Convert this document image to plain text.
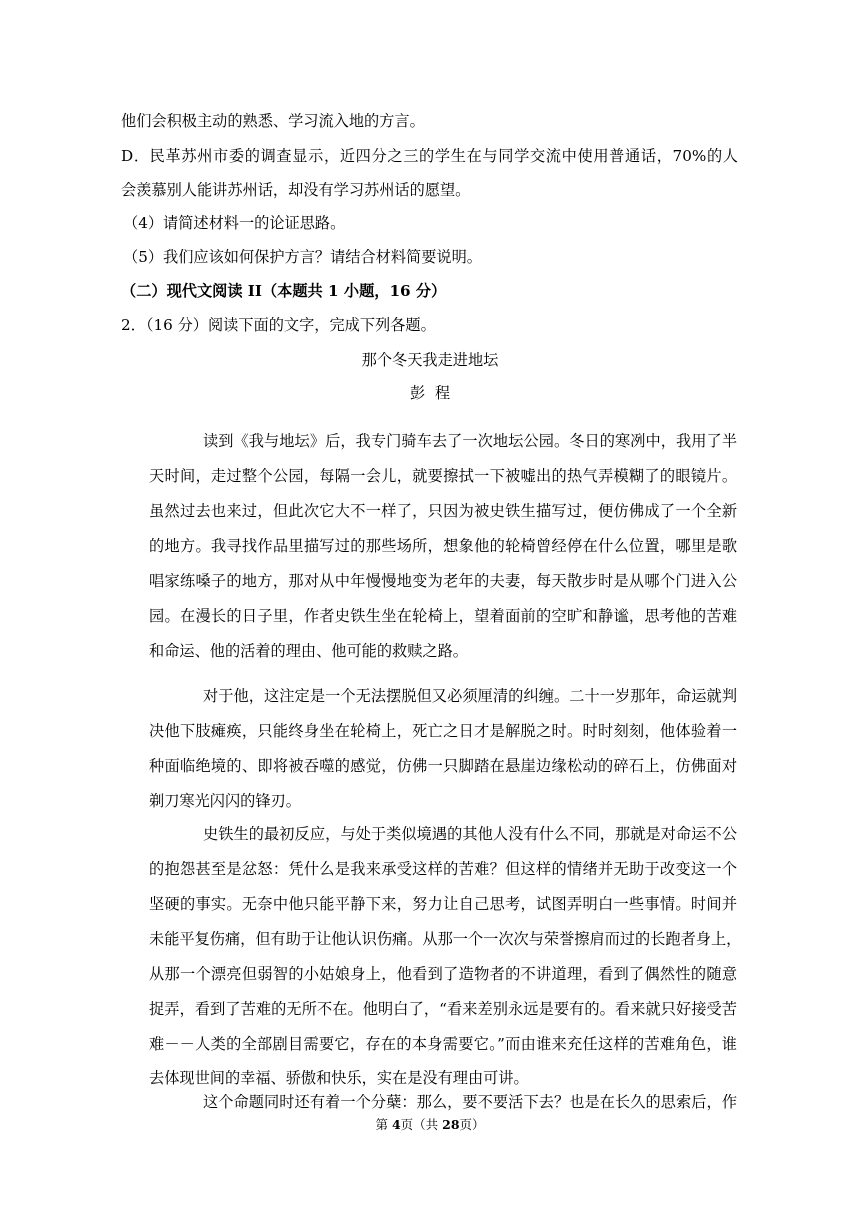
他们会积极主动的熟悉、学习流入地的方言。
D．民革苏州市委的调查显示，近四分之三的学生在与同学交流中使用普通话，70%的人
会羡慕别人能讲苏州话，却没有学习苏州话的愿望。
（4）请简述材料一的论证思路。
（5）我们应该如何保护方言？请结合材料简要说明。
（二）现代文阅读 II（本题共 1 小题，16 分）
2．（16 分）阅读下面的文字，完成下列各题。
那个冬天我走进地坛
彭  程
读到《我与地坛》后，我专门骑车去了一次地坛公园。冬日的寒冽中，我用了半
天时间，走过整个公园，每隔一会儿，就要擦拭一下被嘘出的热气弄模糊了的眼镜片。
虽然过去也来过，但此次它大不一样了，只因为被史铁生描写过，便仿佛成了一个全新
的地方。我寻找作品里描写过的那些场所，想象他的轮椅曾经停在什么位置，哪里是歌
唱家练嗓子的地方，那对从中年慢慢地变为老年的夫妻，每天散步时是从哪个门进入公
园。在漫长的日子里，作者史铁生坐在轮椅上，望着面前的空旷和静谧，思考他的苦难
和命运、他的活着的理由、他可能的救赎之路。
对于他，这注定是一个无法摆脱但又必须厘清的纠缠。二十一岁那年，命运就判
决他下肢瘫痪，只能终身坐在轮椅上，死亡之日才是解脱之时。时时刻刻，他体验着一
种面临绝境的、即将被吞噬的感觉，仿佛一只脚踏在悬崖边缘松动的碎石上，仿佛面对
剃刀寒光闪闪的锋刃。
史铁生的最初反应，与处于类似境遇的其他人没有什么不同，那就是对命运不公
的抱怨甚至是忿怒：凭什么是我来承受这样的苦难？但这样的情绪并无助于改变这一个
坚硬的事实。无奈中他只能平静下来，努力让自己思考，试图弄明白一些事情。时间并
未能平复伤痛，但有助于让他认识伤痛。从那一个一次次与荣誉擦肩而过的长跑者身上，
从那一个漂亮但弱智的小姑娘身上，他看到了造物者的不讲道理，看到了偶然性的随意
捉弄，看到了苦难的无所不在。他明白了，“看来差别永远是要有的。看来就只好接受苦
难－－人类的全部剧目需要它，存在的本身需要它。”而由谁来充任这样的苦难角色，谁
去体现世间的幸福、骄傲和快乐，实在是没有理由可讲。
这个命题同时还有着一个分蘖：那么，要不要活下去？也是在长久的思索后，作
第 4页（共 28页）
